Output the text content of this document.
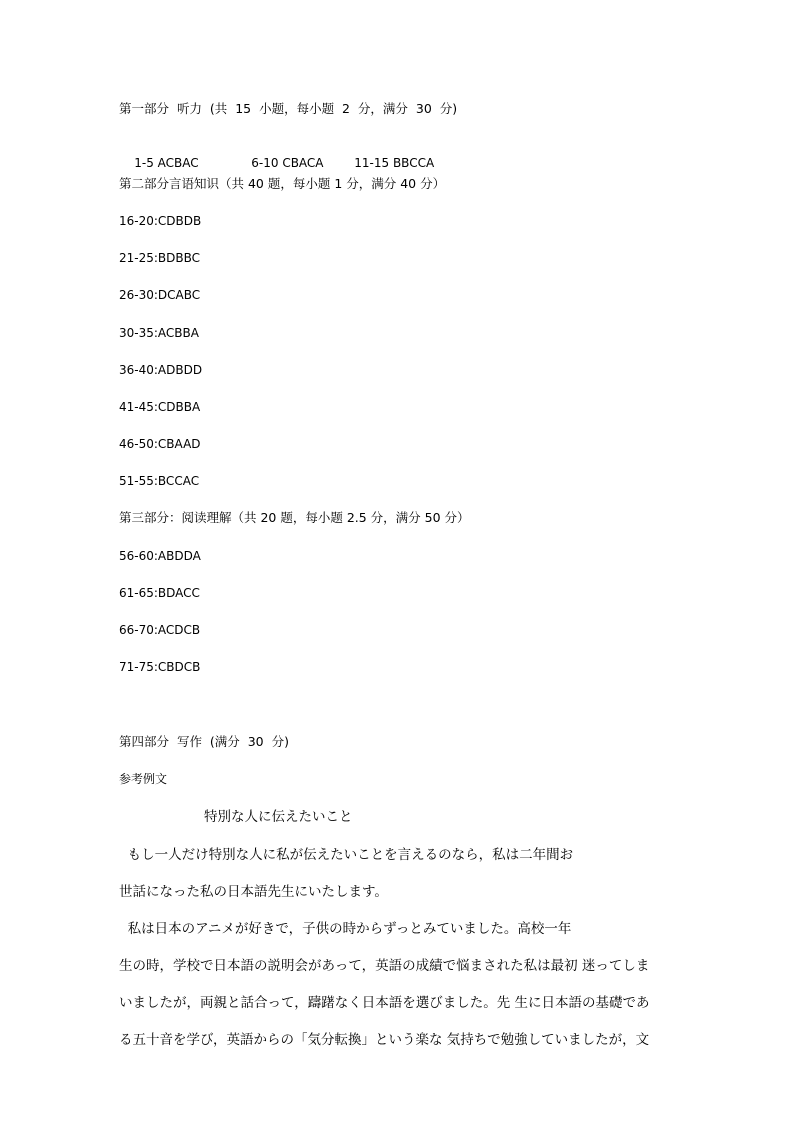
第一部分  听力  (共  15  小题，每小题  2  分，满分  30  分)

1-5 ACBAC	6-10 CBACA	11-15 BBCCA

第二部分言语知识（共 40 题，每小题 1 分，满分 40 分）
16-20:CDBDB
21-25:BDBBC
26-30:DCABC
30-35:ACBBA
36-40:ADBDD
41-45:CDBBA
46-50:CBAAD
51-55:BCCAC
第三部分：阅读理解（共 20 题，每小题 2.5 分，满分 50 分）
56-60:ABDDA
61-65:BDACC
66-70:ACDCB
71-75:CBDCB
第四部分  写作  (满分  30  分)
参考例文
特別な人に伝えたいこと
もし一人だけ特別な人に私が伝えたいことを言えるのなら，私は二年間お
世話になった私の日本語先生にいたします。
私は日本のアニメが好きで，子供の時からずっとみていました。高校一年
生の時，学校で日本語の説明会があって，英語の成績で悩まされた私は最初 迷ってしま
いましたが，両親と話合って，躊躇なく日本語を選びました。先 生に日本語の基礎であ
る五十音を学び，英語からの「気分転換」という楽な 気持ちで勉強していましたが，文
